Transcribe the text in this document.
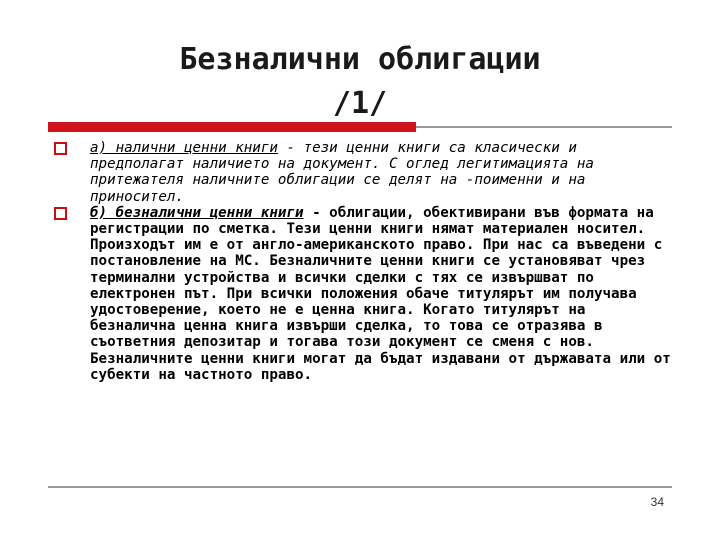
Безналични облигации
/1/
а) налични ценни книги - тези ценни книги са класически и предполагат наличието на документ. С оглед легитимацията на притежателя наличните облигации се делят на -поименни и на приносител.
б) безналични ценни книги - облигации, обективирани във формата на регистрации по сметка. Тези ценни книги нямат материален носител. Произходът им е от англо-американското право. При нас са въведени с постановление на МС. Безналичните ценни книги се установяват чрез терминални устройства и всички сделки с тях се извършват по електронен път. При всички положения обаче титулярът им получава удостоверение, което не е ценна книга. Когато титулярът на безналична ценна книга извърши сделка, то това се отразява в съответния депозитар и тогава този документ се сменя с нов. Безналичните ценни книги могат да бъдат издавани от държавата или от субекти на частното право.
34
